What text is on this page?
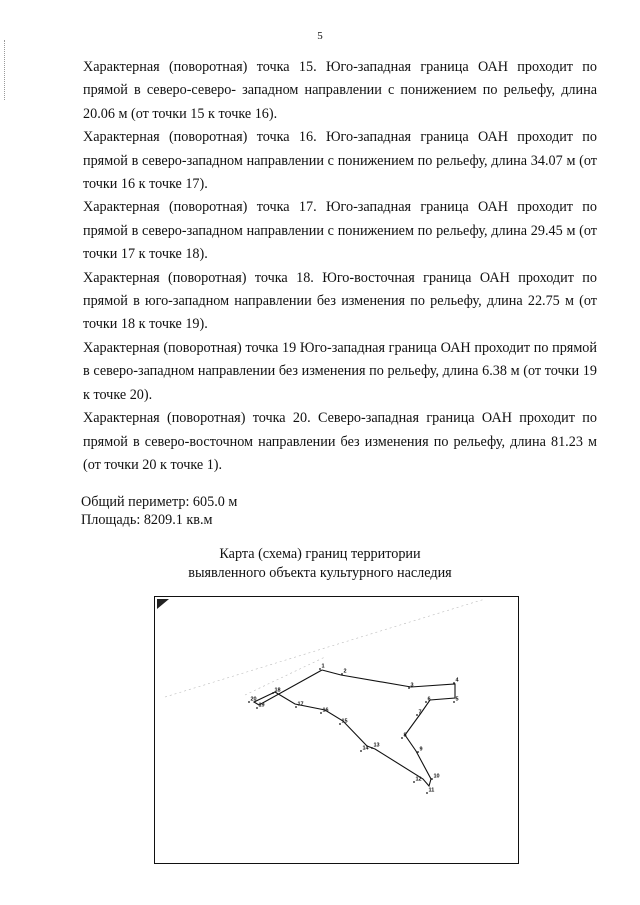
5

Характерная (поворотная) точка 15. Юго-западная граница ОАН проходит по прямой в северо-северо- западном направлении с понижением по рельефу, длина 20.06 м (от точки 15 к точке 16).

Характерная (поворотная) точка 16. Юго-западная граница ОАН проходит по прямой в северо-западном направлении с понижением по рельефу, длина 34.07 м (от точки 16 к точке 17).

Характерная (поворотная) точка 17. Юго-западная граница ОАН проходит по прямой в северо-западном направлении с понижением по рельефу, длина 29.45 м (от точки 17 к точке 18).

Характерная (поворотная) точка 18. Юго-восточная граница ОАН проходит по прямой в юго-западном направлении без изменения по рельефу, длина 22.75 м (от точки 18 к точке 19).

Характерная (поворотная) точка 19 Юго-западная граница ОАН проходит по прямой в северо-западном направлении без изменения по рельефу, длина 6.38 м (от точки 19 к точке 20).

Характерная (поворотная) точка 20. Северо-западная граница ОАН проходит по прямой в северо-восточном направлении без изменения по рельефу, длина 81.23 м (от точки 20 к точке 1).

Общий периметр: 605.0 м
Площадь: 8209.1 кв.м
Карта (схема) границ территории
выявленного объекта культурного наследия
1
2
3
4
5
6
7
8
9
10
11
12
13
14
15
16
17
18
19
20
